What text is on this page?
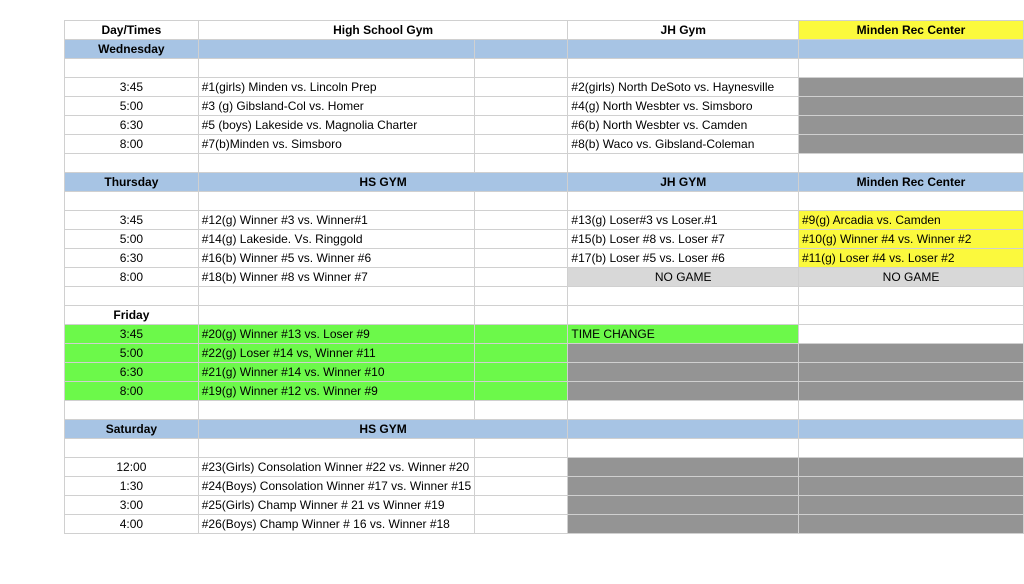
Day/Times	High School Gym		JH Gym	Minden Rec Center
Wednesday				

3:45	#1(girls) Minden vs. Lincoln Prep		#2(girls) North DeSoto vs. Haynesville	
5:00	#3 (g) Gibsland-Col vs. Homer		#4(g) North Wesbter vs. Simsboro	
6:30	#5 (boys) Lakeside vs. Magnolia Charter		#6(b) North Wesbter vs. Camden	
8:00	#7(b)Minden vs. Simsboro		#8(b) Waco vs. Gibsland-Coleman	

Thursday	HS GYM		JH GYM	Minden Rec Center

3:45	#12(g) Winner #3 vs. Winner#1		#13(g) Loser#3 vs Loser.#1	#9(g) Arcadia vs. Camden
5:00	#14(g) Lakeside. Vs. Ringgold		#15(b) Loser #8 vs. Loser #7	#10(g) Winner #4 vs. Winner #2
6:30	#16(b) Winner #5 vs. Winner #6		#17(b) Loser #5 vs. Loser #6	#11(g) Loser #4 vs. Loser #2
8:00	#18(b) Winner #8 vs Winner #7		NO GAME	NO GAME

Friday				
3:45	#20(g) Winner #13 vs. Loser #9		TIME CHANGE	
5:00	#22(g) Loser #14 vs, Winner #11			
6:30	#21(g) Winner #14 vs. Winner #10			
8:00	#19(g) Winner #12 vs. Winner #9			

Saturday	HS GYM			

12:00	#23(Girls) Consolation Winner #22 vs. Winner #20			
1:30	#24(Boys) Consolation Winner #17 vs. Winner #15			
3:00	#25(Girls) Champ Winner # 21 vs Winner #19			
4:00	#26(Boys) Champ Winner # 16 vs. Winner #18			
